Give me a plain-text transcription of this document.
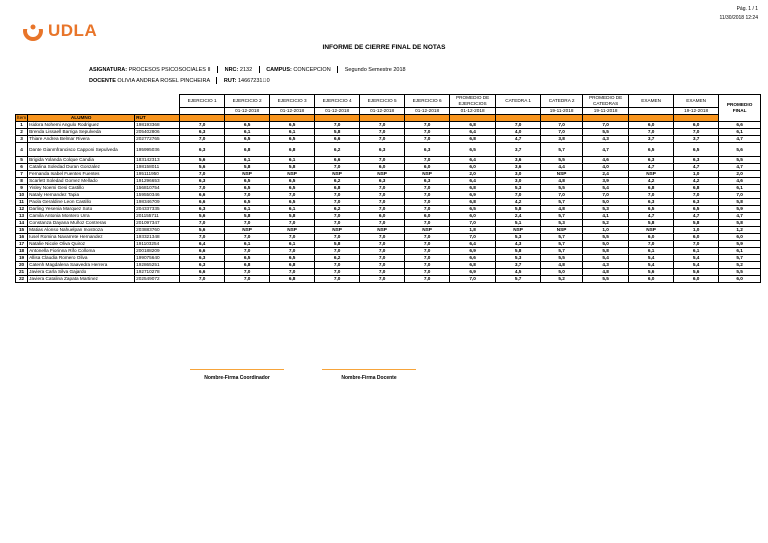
Pág. 1 / 1
11/30/2018 12:24
UDLA
INFORME DE CIERRE FINAL DE NOTAS
ASIGNATURA: PROCESOS PSICOSOCIALES II	NRC: 2132	CAMPUS: CONCEPCION	Segundo Semestre 2018
DOCENTE OLIVIA ANDREA ROSEL PINCHEIRA	RUT: 14667231 0
			EJERCICIO 1	EJERCICIO 2	EJERCICIO 3	EJERCICIO 4	EJERCICIO 5	EJERCICIO 6	PROMEDIO DE EJERCICIOS	CATEDRA 1	CATEDRA 2	PROMEDIO DE CATEDRAS	EXAMEN	EXAMEN	PROMEDIO FINAL
				01-12-2018	01-12-2018	01-12-2018	01-12-2018	01-12-2018	01-12-2018		19-11-2018	19-11-2018		19-12-2018	
Ítem	ALUMNO	RUT													
1	Isidora Nohemi Angulo Rodriguez	198193368	7,0	6,5	6,5	7,0	7,0	7,0	6,8	7,0	7,0	7,0	6,0	6,0	6,6
2	Brenda Lissaell Barriga Sepulveda	205402806	6,3	6,1	6,1	5,8	7,0	7,0	6,4	4,0	7,0	5,5	7,0	7,0	6,1
3	Thiare Andrea Belmar Rivera	202772765	7,0	6,5	6,5	6,6	7,0	7,0	6,8	4,7	3,8	4,3	3,7	3,7	4,7
4	Dante Gianmfrancisco Capponi Sepulveda	195995036	6,3	6,8	6,8	6,2	6,3	6,3	6,5	3,7	5,7	4,7	6,5	6,5	5,6
5	Brigida Yolanda Colque Candia	183142313	5,6	6,1	6,1	6,6	7,0	7,0	6,4	3,6	5,5	4,6	6,3	6,3	5,5
6	Catalina Soledad Duran Gonzalez	198158011	5,6	5,8	5,8	7,0	6,0	6,0	6,0	3,6	4,4	4,0	4,7	4,7	4,7
7	Fernanda Isabel Fuentes Fuentes	195111950	7,0	NSP	NSP	NSP	NSP	NSP	2,0	3,0	NSP	2,4	NSP	1,0	2,0
8	Scarlett Soledad Gomez Mellado	191296653	6,3	6,5	6,5	6,2	6,3	6,3	6,4	3,0	4,8	3,9	4,2	4,2	4,6
9	Yisley Noemi Gesi Castillo	156810754	7,0	6,5	6,5	6,8	7,0	7,0	6,8	5,3	5,5	5,4	6,8	6,8	6,1
10	Nataly Hernandez Tapia	159550346	6,6	7,0	7,0	7,0	7,0	7,0	6,9	7,0	7,0	7,0	7,0	7,0	7,0
11	Paola Geraldine Leon Castillo	198346709	6,6	6,5	6,5	7,0	7,0	7,0	6,8	4,2	5,7	5,0	6,3	6,3	5,8
12	Darling Yesenia Marquez Soto	204337335	6,3	6,1	6,1	6,2	7,0	7,0	6,5	5,8	4,8	5,3	6,5	6,5	5,9
13	Camila Antonia Montero Urra	201155711	5,6	5,8	5,8	7,0	6,0	6,0	6,0	2,4	5,7	4,1	4,7	4,7	4,7
14	Constanza Dayana Muñoz Contreras	201097347	7,0	7,0	7,0	7,0	7,0	7,0	7,0	5,1	5,3	5,2	5,8	5,8	5,8
15	Matias Alonso Nahuelpan Inostroza	203883760	5,6	NSP	NSP	NSP	NSP	NSP	1,8	NSP	NSP	1,0	NSP	1,0	1,2
16	Iusel Romina Navarrete Hernandez	193321348	7,0	7,0	7,0	7,0	7,0	7,0	7,0	5,3	5,7	5,5	6,0	6,0	6,0
17	Natalie Nicole Oliva Quiroz	191103254	6,4	6,1	6,1	5,8	7,0	7,0	6,4	4,3	5,7	5,0	7,0	7,0	5,9
18	Antonella Fiorinna Rifo Colloma	200188209	6,6	7,0	7,0	7,0	7,0	7,0	6,9	5,8	5,7	5,8	6,1	6,1	6,1
19	Allisa Claudia Romero Oliva	199075640	6,3	6,5	6,5	6,2	7,0	7,0	6,6	5,3	5,5	5,4	5,4	5,4	5,7
20	Catenh Magdalena Saavedra Herrera	192865251	6,3	6,8	6,8	7,0	7,0	7,0	6,8	3,7	4,8	4,3	5,4	5,4	5,2
21	Javiera Carla Silva Gajardo	192710278	6,6	7,0	7,0	7,0	7,0	7,0	6,9	4,5	5,0	4,8	5,6	5,6	5,5
22	Javiera Catalina Zapata Martinez	202549072	7,0	7,0	6,8	7,0	7,0	7,0	7,0	5,7	5,2	5,5	6,0	6,0	6,0
Nombre-Firma Coordinador	Nombre-Firma Docente
